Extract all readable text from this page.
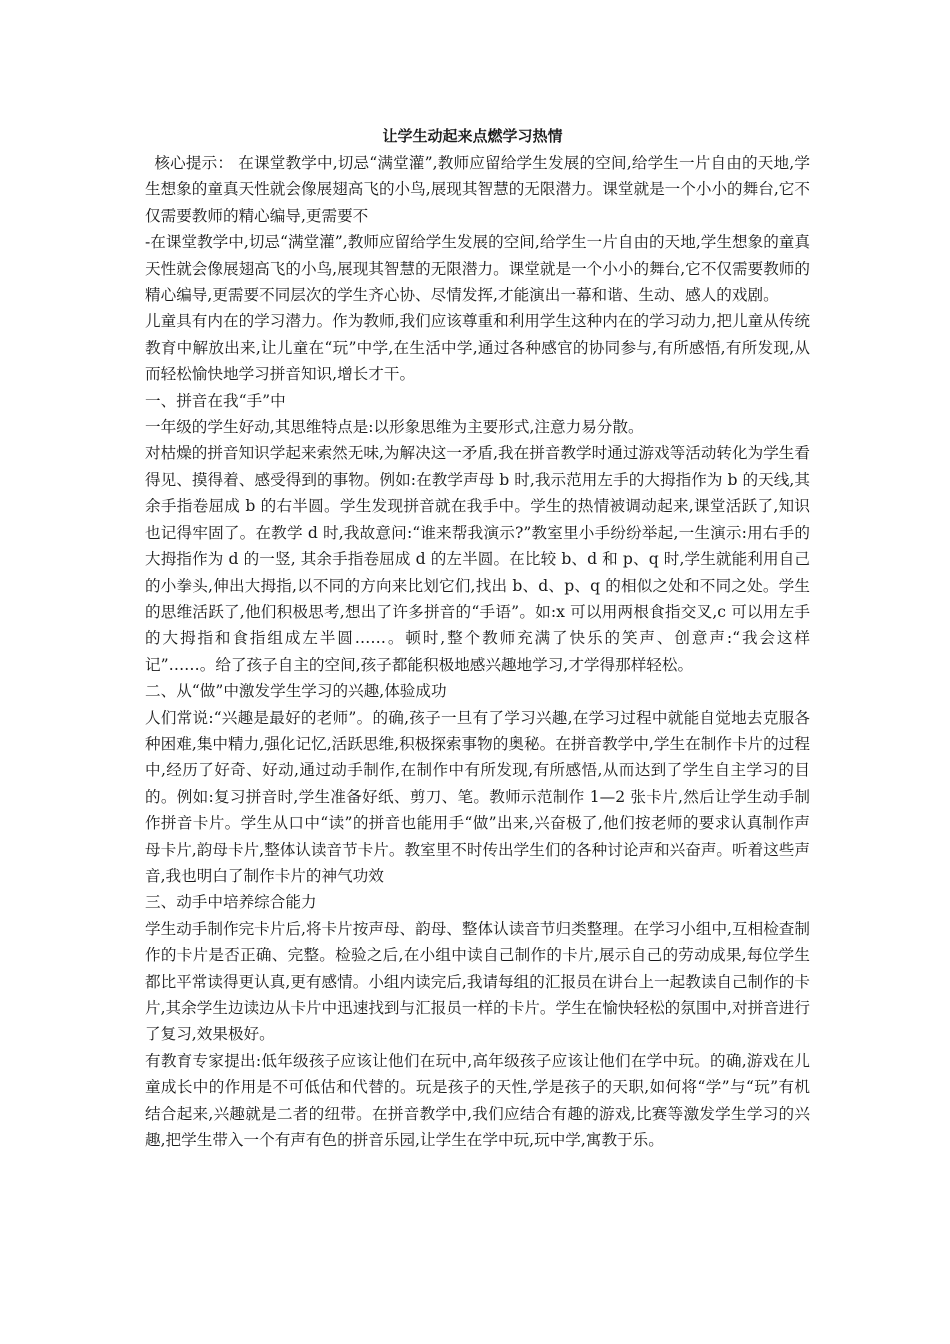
让学生动起来点燃学习热情

核心提示： 在课堂教学中,切忌“满堂灌”,教师应留给学生发展的空间,给学生一片自由的天地,学生想象的童真天性就会像展翅高飞的小鸟,展现其智慧的无限潜力。课堂就是一个小小的舞台,它不仅需要教师的精心编导,更需要不

-在课堂教学中,切忌“满堂灌”,教师应留给学生发展的空间,给学生一片自由的天地,学生想象的童真天性就会像展翅高飞的小鸟,展现其智慧的无限潜力。课堂就是一个小小的舞台,它不仅需要教师的精心编导,更需要不同层次的学生齐心协、尽情发挥,才能演出一幕和谐、生动、感人的戏剧。

儿童具有内在的学习潜力。作为教师,我们应该尊重和利用学生这种内在的学习动力,把儿童从传统教育中解放出来,让儿童在“玩”中学,在生活中学,通过各种感官的协同参与,有所感悟,有所发现,从而轻松愉快地学习拼音知识,增长才干。

一、拼音在我“手”中

一年级的学生好动,其思维特点是:以形象思维为主要形式,注意力易分散。

对枯燥的拼音知识学起来索然无味,为解决这一矛盾,我在拼音教学时通过游戏等活动转化为学生看得见、摸得着、感受得到的事物。例如:在教学声母 b 时,我示范用左手的大拇指作为 b 的天线,其余手指卷屈成 b 的右半圆。学生发现拼音就在我手中。学生的热情被调动起来,课堂活跃了,知识也记得牢固了。在教学 d 时,我故意问:“谁来帮我演示?”教室里小手纷纷举起,一生演示:用右手的大拇指作为 d 的一竖, 其余手指卷屈成 d 的左半圆。在比较 b、d 和 p、q 时,学生就能利用自己的小拳头,伸出大拇指,以不同的方向来比划它们,找出 b、d、p、q 的相似之处和不同之处。学生的思维活跃了,他们积极思考,想出了许多拼音的“手语”。如:x 可以用两根食指交叉,c 可以用左手的大拇指和食指组成左半圆……。顿时,整个教师充满了快乐的笑声、创意声:“我会这样记”……。给了孩子自主的空间,孩子都能积极地感兴趣地学习,才学得那样轻松。

二、从“做”中激发学生学习的兴趣,体验成功

人们常说:“兴趣是最好的老师”。的确,孩子一旦有了学习兴趣,在学习过程中就能自觉地去克服各种困难,集中精力,强化记忆,活跃思维,积极探索事物的奥秘。在拼音教学中,学生在制作卡片的过程中,经历了好奇、好动,通过动手制作,在制作中有所发现,有所感悟,从而达到了学生自主学习的目的。例如:复习拼音时,学生准备好纸、剪刀、笔。教师示范制作 1—2 张卡片,然后让学生动手制作拼音卡片。学生从口中“读”的拼音也能用手“做”出来,兴奋极了,他们按老师的要求认真制作声母卡片,韵母卡片,整体认读音节卡片。教室里不时传出学生们的各种讨论声和兴奋声。听着这些声音,我也明白了制作卡片的神气功效

三、动手中培养综合能力

学生动手制作完卡片后,将卡片按声母、韵母、整体认读音节归类整理。在学习小组中,互相检查制作的卡片是否正确、完整。检验之后,在小组中读自己制作的卡片,展示自己的劳动成果,每位学生都比平常读得更认真,更有感情。小组内读完后,我请每组的汇报员在讲台上一起教读自己制作的卡片,其余学生边读边从卡片中迅速找到与汇报员一样的卡片。学生在愉快轻松的氛围中,对拼音进行了复习,效果极好。

有教育专家提出:低年级孩子应该让他们在玩中,高年级孩子应该让他们在学中玩。的确,游戏在儿童成长中的作用是不可低估和代替的。玩是孩子的天性,学是孩子的天职,如何将“学”与“玩”有机结合起来,兴趣就是二者的纽带。在拼音教学中,我们应结合有趣的游戏,比赛等激发学生学习的兴趣,把学生带入一个有声有色的拼音乐园,让学生在学中玩,玩中学,寓教于乐。
